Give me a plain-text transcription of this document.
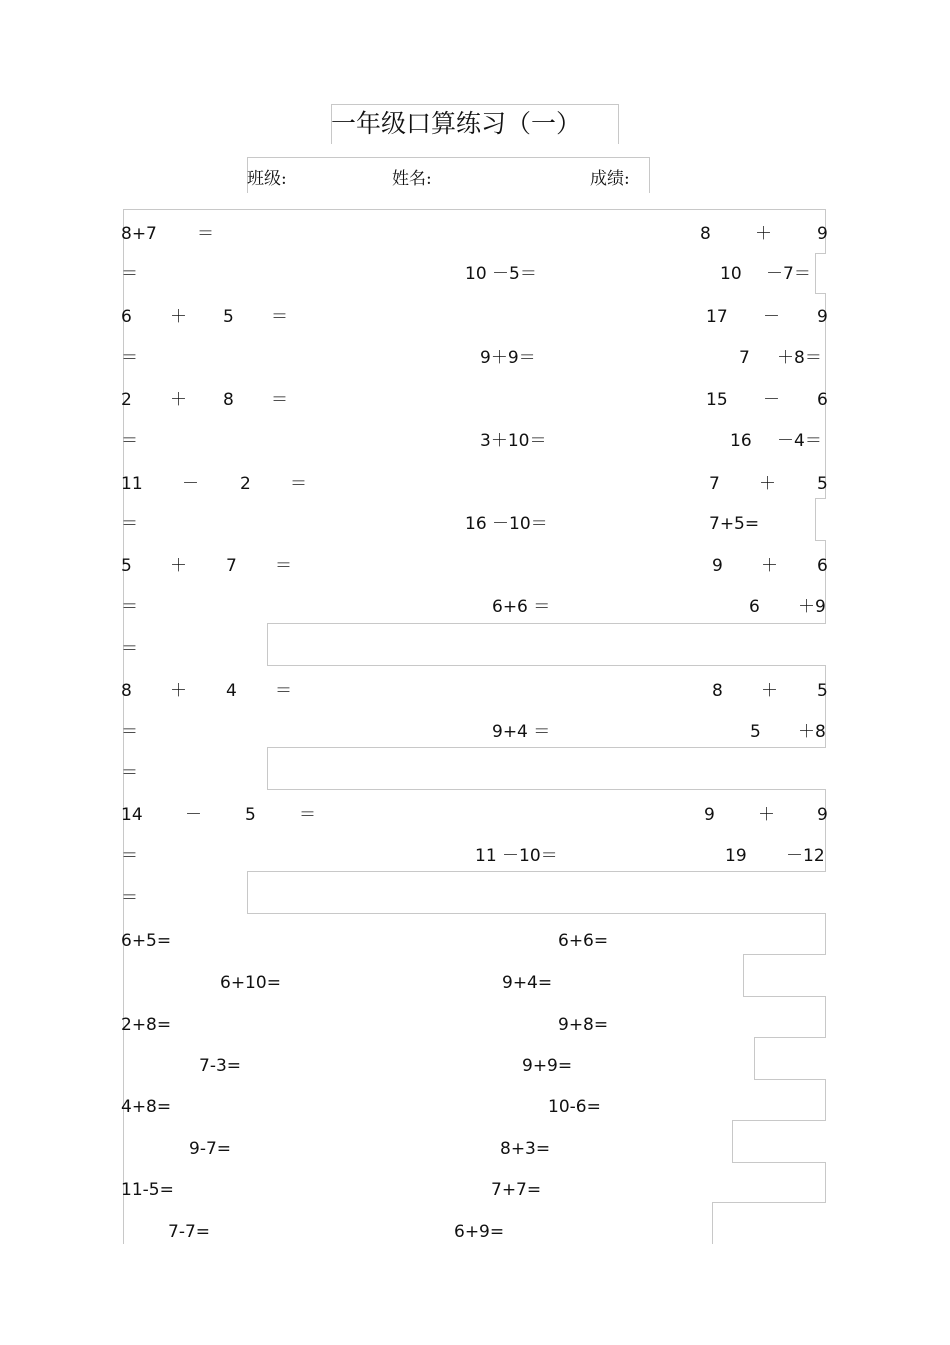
一年级口算练习（一）
班级:	姓名:	成绩:
8+7 ＝	8	＋	9
＝	10 －5＝	10 －7＝
6 ＋ 5 ＝	17 － 9
＝	9＋9＝	7 ＋8＝
2 ＋ 8 ＝	15 － 6
＝	3＋10＝	16 －4＝
11 － 2 ＝	7 ＋ 5
＝	16 －10＝	7+5=
5 ＋ 7 ＝	9 ＋ 6
＝	6+6 ＝	6 ＋9
＝
8 ＋ 4 ＝	8 ＋ 5
＝	9+4 ＝	5 ＋8
＝
14 －	5	＝	9	＋ 9
＝	11 －10＝	19 －12
＝
6+5=	6+6=
6+10=	9+4=
2+8=	9+8=
7-3=	9+9=
4+8=	10-6=
9-7=	8+3=
11-5=	7+7=
7-7=	6+9=
